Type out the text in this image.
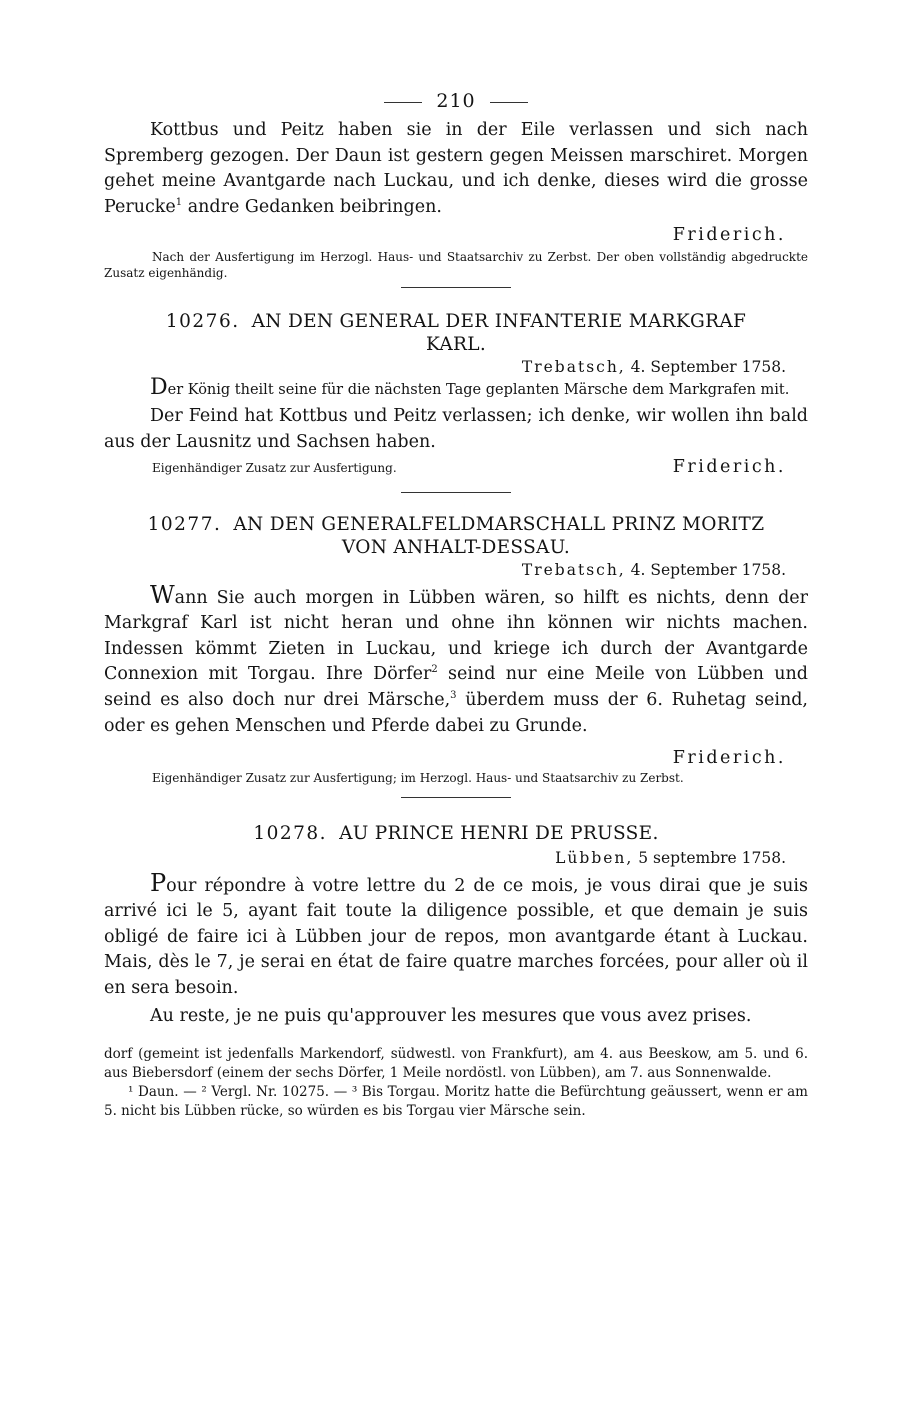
210

Kottbus und Peitz haben sie in der Eile verlassen und sich nach Spremberg gezogen. Der Daun ist gestern gegen Meissen marschiret. Morgen gehet meine Avantgarde nach Luckau, und ich denke, dieses wird die grosse Perucke$^1$ andre Gedanken beibringen.

Friderich.

Nach der Ausfertigung im Herzogl. Haus- und Staatsarchiv zu Zerbst. Der oben vollständig abgedruckte Zusatz eigenhändig.

10276. AN DEN GENERAL DER INFANTERIE MARKGRAF
KARL.
Trebatsch, 4. September 1758.

Der König theilt seine für die nächsten Tage geplanten Märsche dem Markgrafen mit.

Der Feind hat Kottbus und Peitz verlassen; ich denke, wir wollen ihn bald aus der Lausnitz und Sachsen haben.

Eigenhändiger Zusatz zur Ausfertigung.	Friderich.
10277. AN DEN GENERALFELDMARSCHALL PRINZ MORITZ
VON ANHALT-DESSAU.
Trebatsch, 4. September 1758.

Wann Sie auch morgen in Lübben wären, so hilft es nichts, denn der Markgraf Karl ist nicht heran und ohne ihn können wir nichts machen. Indessen kömmt Zieten in Luckau, und kriege ich durch der Avantgarde Connexion mit Torgau. Ihre Dörfer$^2$ seind nur eine Meile von Lübben und seind es also doch nur drei Märsche,$^3$ überdem muss der 6. Ruhetag seind, oder es gehen Menschen und Pferde dabei zu Grunde.

Friderich.

Eigenhändiger Zusatz zur Ausfertigung; im Herzogl. Haus- und Staatsarchiv zu Zerbst.

10278. AU PRINCE HENRI DE PRUSSE.
Lübben, 5 septembre 1758.

Pour répondre à votre lettre du 2 de ce mois, je vous dirai que je suis arrivé ici le 5, ayant fait toute la diligence possible, et que demain je suis obligé de faire ici à Lübben jour de repos, mon avantgarde étant à Luckau. Mais, dès le 7, je serai en état de faire quatre marches forcées, pour aller où il en sera besoin.

Au reste, je ne puis qu'approuver les mesures que vous avez prises.

dorf (gemeint ist jedenfalls Markendorf, südwestl. von Frankfurt), am 4. aus Beeskow, am 5. und 6. aus Biebersdorf (einem der sechs Dörfer, 1 Meile nordöstl. von Lübben), am 7. aus Sonnenwalde.

¹ Daun. — ² Vergl. Nr. 10275. — ³ Bis Torgau. Moritz hatte die Befürchtung geäussert, wenn er am 5. nicht bis Lübben rücke, so würden es bis Torgau vier Märsche sein.
